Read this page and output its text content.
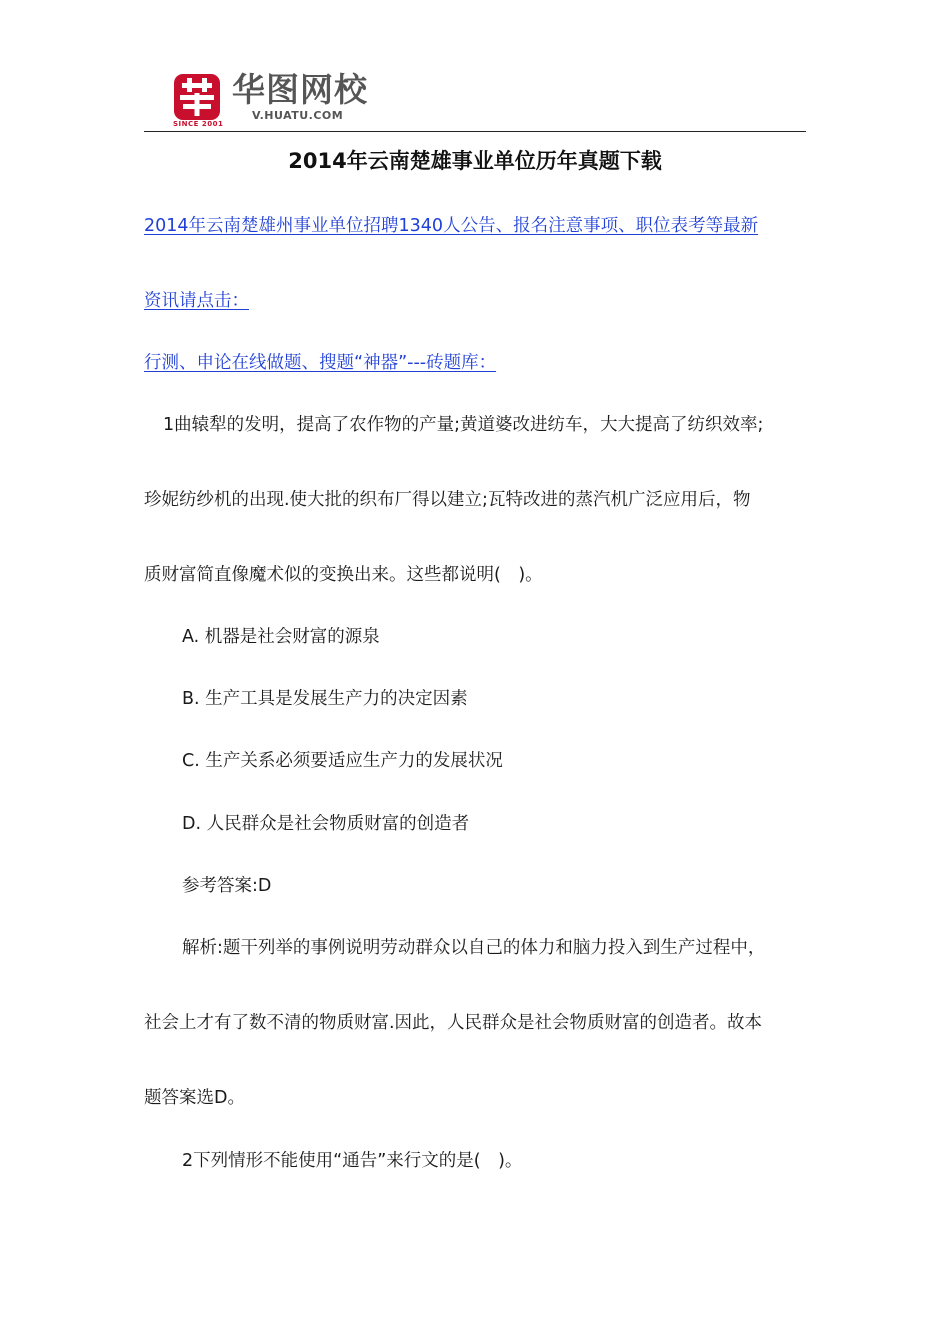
SINCE 2001
华图网校
V.HUATU.COM
2014年云南楚雄事业单位历年真题下载
2014年云南楚雄州事业单位招聘1340人公告、报名注意事项、职位表考等最新
资讯请点击：
行测、申论在线做题、搜题“神器”---砖题库：
1曲辕犁的发明，提高了农作物的产量;黄道婆改进纺车，大大提高了纺织效率;
珍妮纺纱机的出现.使大批的织布厂得以建立;瓦特改进的蒸汽机广泛应用后，物
质财富简直像魔术似的变换出来。这些都说明(　)。
A. 机器是社会财富的源泉
B. 生产工具是发展生产力的决定因素
C. 生产关系必须要适应生产力的发展状况
D. 人民群众是社会物质财富的创造者
参考答案:D
解析:题干列举的事例说明劳动群众以自己的体力和脑力投入到生产过程中，
社会上才有了数不清的物质财富.因此，人民群众是社会物质财富的创造者。故本
题答案选D。
2下列情形不能使用“通告”来行文的是(　)。
